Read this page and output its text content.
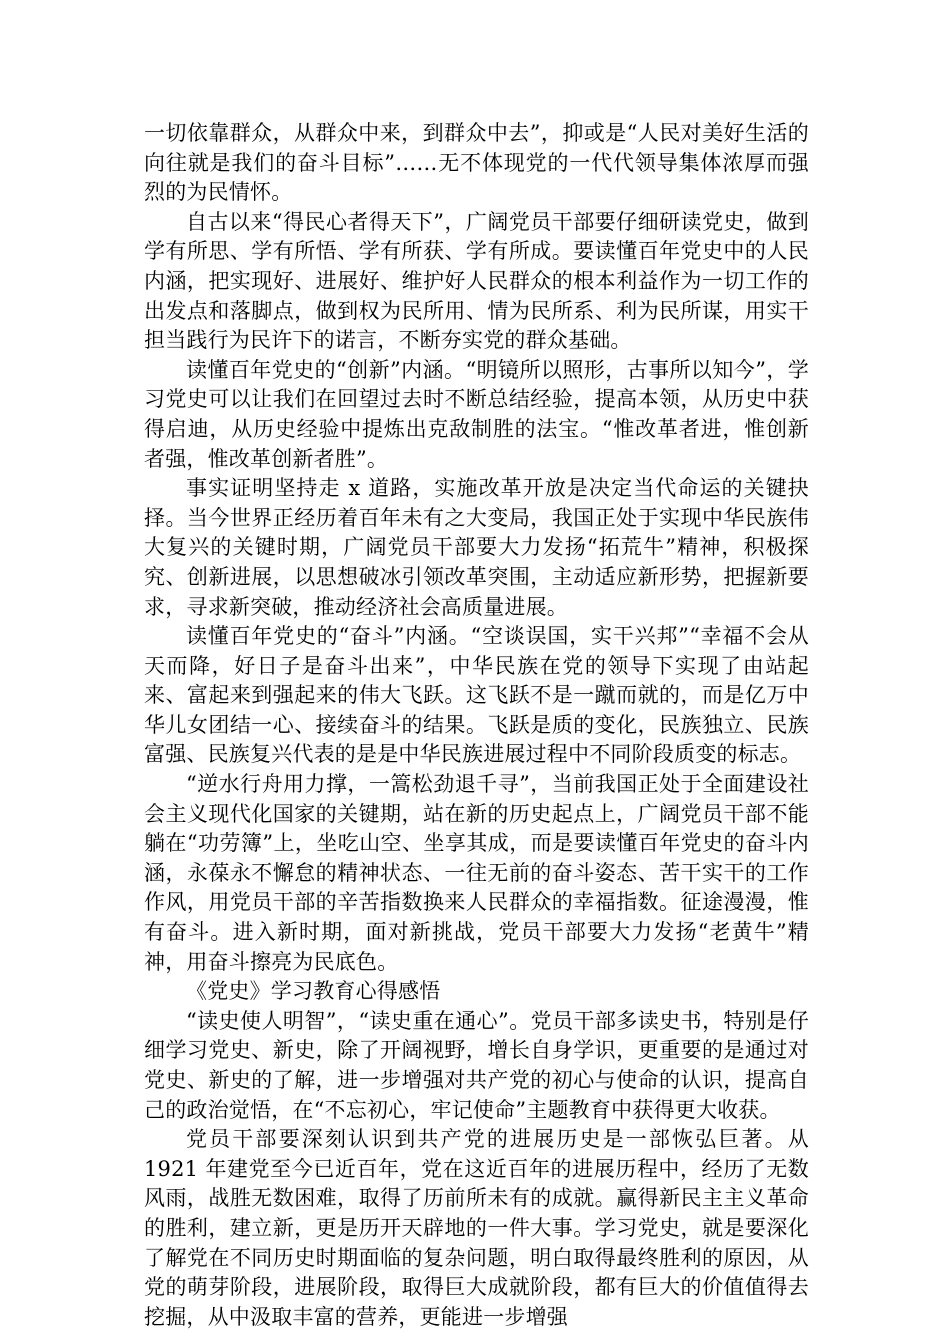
一切依靠群众，从群众中来，到群众中去”，抑或是“人民对美好生活的向往就是我们的奋斗目标”……无不体现党的一代代领导集体浓厚而强烈的为民情怀。

自古以来“得民心者得天下”，广阔党员干部要仔细研读党史，做到学有所思、学有所悟、学有所获、学有所成。要读懂百年党史中的人民内涵，把实现好、进展好、维护好人民群众的根本利益作为一切工作的出发点和落脚点，做到权为民所用、情为民所系、利为民所谋，用实干担当践行为民许下的诺言，不断夯实党的群众基础。

读懂百年党史的“创新”内涵。“明镜所以照形，古事所以知今”，学习党史可以让我们在回望过去时不断总结经验，提高本领，从历史中获得启迪，从历史经验中提炼出克敌制胜的法宝。“惟改革者进，惟创新者强，惟改革创新者胜”。

事实证明坚持走 x 道路，实施改革开放是决定当代命运的关键抉择。当今世界正经历着百年未有之大变局，我国正处于实现中华民族伟大复兴的关键时期，广阔党员干部要大力发扬“拓荒牛”精神，积极探究、创新进展，以思想破冰引领改革突围，主动适应新形势，把握新要求，寻求新突破，推动经济社会高质量进展。

读懂百年党史的“奋斗”内涵。“空谈误国，实干兴邦”“幸福不会从天而降，好日子是奋斗出来”，中华民族在党的领导下实现了由站起来、富起来到强起来的伟大飞跃。这飞跃不是一蹴而就的，而是亿万中华儿女团结一心、接续奋斗的结果。飞跃是质的变化，民族独立、民族富强、民族复兴代表的是是中华民族进展过程中不同阶段质变的标志。

“逆水行舟用力撑，一篙松劲退千寻”，当前我国正处于全面建设社会主义现代化国家的关键期，站在新的历史起点上，广阔党员干部不能躺在“功劳簿”上，坐吃山空、坐享其成，而是要读懂百年党史的奋斗内涵，永葆永不懈怠的精神状态、一往无前的奋斗姿态、苦干实干的工作作风，用党员干部的辛苦指数换来人民群众的幸福指数。征途漫漫，惟有奋斗。进入新时期，面对新挑战，党员干部要大力发扬“老黄牛”精神，用奋斗擦亮为民底色。

《党史》学习教育心得感悟

“读史使人明智”，“读史重在通心”。党员干部多读史书，特别是仔细学习党史、新史，除了开阔视野，增长自身学识，更重要的是通过对党史、新史的了解，进一步增强对共产党的初心与使命的认识，提高自己的政治觉悟，在“不忘初心，牢记使命”主题教育中获得更大收获。

党员干部要深刻认识到共产党的进展历史是一部恢弘巨著。从1921 年建党至今已近百年，党在这近百年的进展历程中，经历了无数风雨，战胜无数困难，取得了历前所未有的成就。赢得新民主主义革命的胜利，建立新，更是历开天辟地的一件大事。学习党史，就是要深化了解党在不同历史时期面临的复杂问题，明白取得最终胜利的原因，从党的萌芽阶段，进展阶段，取得巨大成就阶段，都有巨大的价值值得去挖掘，从中汲取丰富的营养，更能进一步增强
